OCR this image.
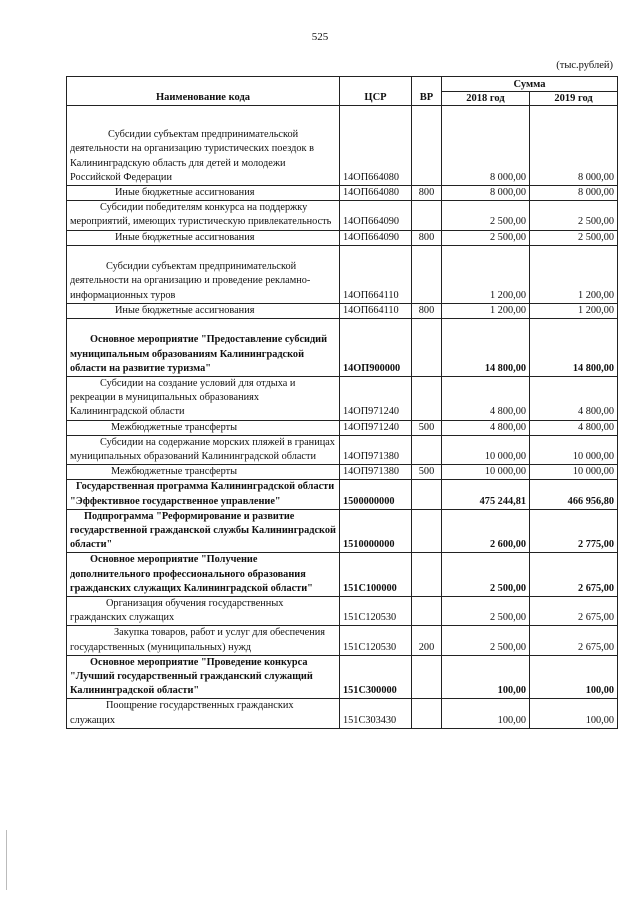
525
(тыс.рублей)
Наименование кода	ЦСР	ВР	Сумма	
			2018 год	2019 год
Субсидии субъектам предпринимательской деятельности на организацию туристических поездок в Калининградскую область для детей и молодежи Российской Федерации	14ОП664080		8 000,00	8 000,00
Иные бюджетные ассигнования	14ОП664080	800	8 000,00	8 000,00
Субсидии победителям конкурса на поддержку мероприятий, имеющих туристическую привлекательность	14ОП664090		2 500,00	2 500,00
Иные бюджетные ассигнования	14ОП664090	800	2 500,00	2 500,00
Субсидии субъектам предпринимательской деятельности на организацию и проведение рекламно-информационных туров	14ОП664110		1 200,00	1 200,00
Иные бюджетные ассигнования	14ОП664110	800	1 200,00	1 200,00
Основное мероприятие "Предоставление субсидий муниципальным образованиям Калининградской области на развитие туризма"	14ОП900000		14 800,00	14 800,00
Субсидии на создание условий для отдыха и рекреации в муниципальных образованиях Калининградской области	14ОП971240		4 800,00	4 800,00
Межбюджетные трансферты	14ОП971240	500	4 800,00	4 800,00
Субсидии на содержание морских пляжей в границах муниципальных образований Калининградской области	14ОП971380		10 000,00	10 000,00
Межбюджетные трансферты	14ОП971380	500	10 000,00	10 000,00
Государственная программа Калининградской области "Эффективное государственное управление"	1500000000		475 244,81	466 956,80
Подпрограмма "Реформирование и развитие государственной гражданской службы Калининградской области"	1510000000		2 600,00	2 775,00
Основное мероприятие "Получение дополнительного профессионального образования гражданских служащих Калининградской области"	151С100000		2 500,00	2 675,00
Организация обучения государственных гражданских служащих	151С120530		2 500,00	2 675,00
Закупка товаров, работ и услуг для обеспечения государственных (муниципальных) нужд	151С120530	200	2 500,00	2 675,00
Основное мероприятие "Проведение конкурса "Лучший государственный гражданский служащий Калининградской области"	151С300000		100,00	100,00
Поощрение государственных гражданских служащих	151С303430		100,00	100,00
